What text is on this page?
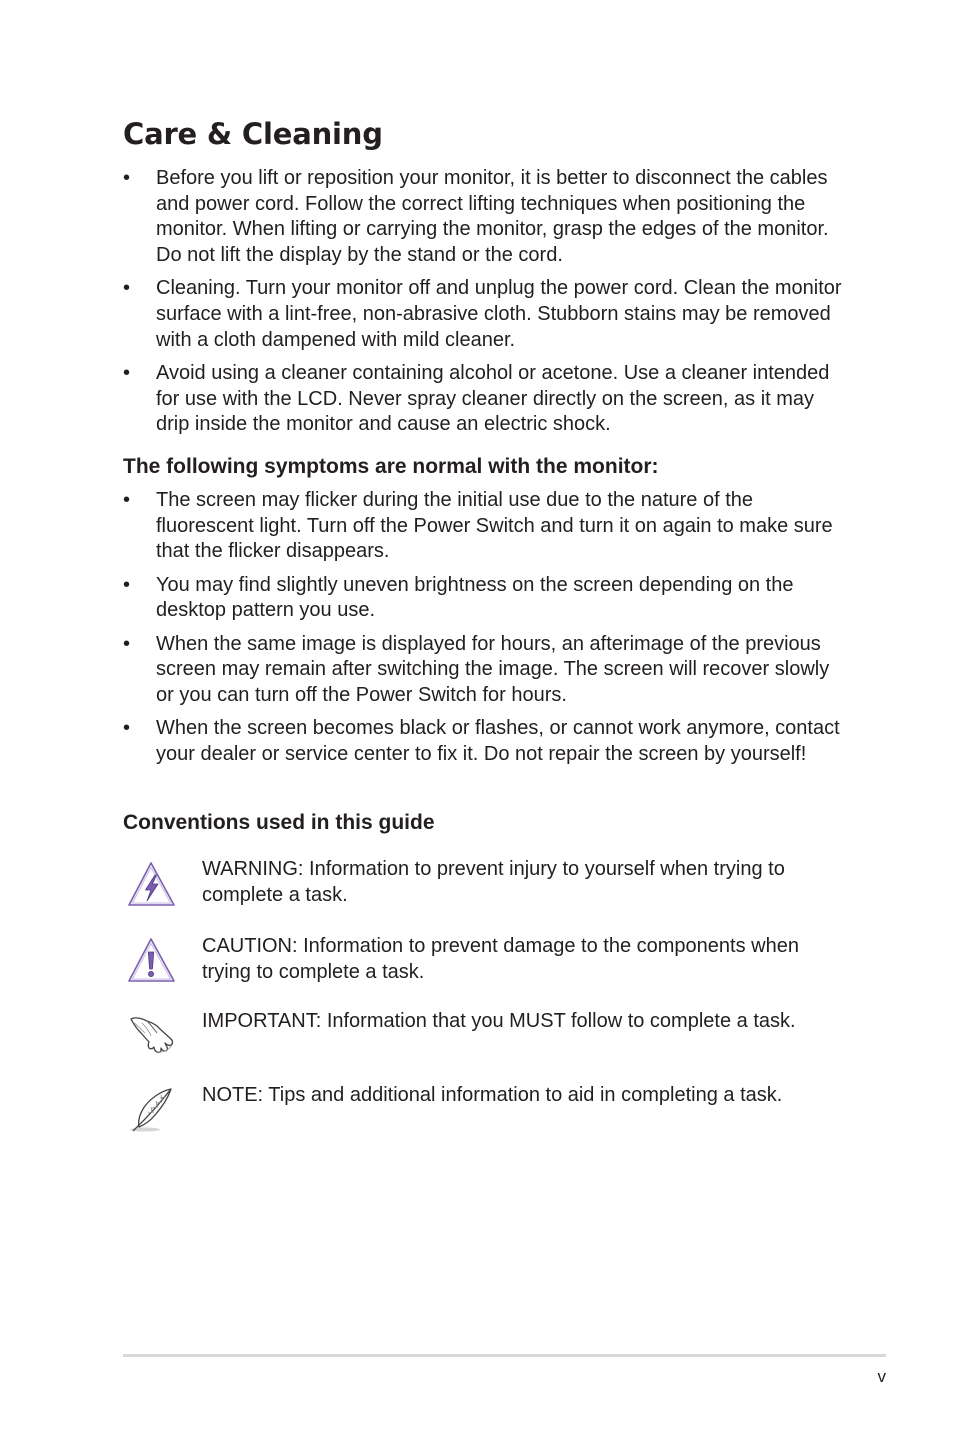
Care & Cleaning
• Before you lift or reposition your monitor, it is better to disconnect the cables and power cord. Follow the correct lifting techniques when positioning the monitor. When lifting or carrying the monitor, grasp the edges of the monitor. Do not lift the display by the stand or the cord.
• Cleaning. Turn your monitor off and unplug the power cord. Clean the monitor surface with a lint-free, non-abrasive cloth. Stubborn stains may be removed with a cloth dampened with mild cleaner.
• Avoid using a cleaner containing alcohol or acetone. Use a cleaner intended for use with the LCD. Never spray cleaner directly on the screen, as it may drip inside the monitor and cause an electric shock.
The following symptoms are normal with the monitor:
• The screen may flicker during the initial use due to the nature of the fluorescent light. Turn off the Power Switch and turn it on again to make sure that the flicker disappears.
• You may find slightly uneven brightness on the screen depending on the desktop pattern you use.
• When the same image is displayed for hours, an afterimage of the previous screen may remain after switching the image. The screen will recover slowly or you can turn off the Power Switch for hours.
• When the screen becomes black or flashes, or cannot work anymore, contact your dealer or service center to fix it. Do not repair the screen by yourself!
Conventions used in this guide
WARNING: Information to prevent injury to yourself when trying to complete a task.
CAUTION: Information to prevent damage to the components when trying to complete a task.
IMPORTANT: Information that you MUST follow to complete a task.
NOTE: Tips and additional information to aid in completing a task.
v
